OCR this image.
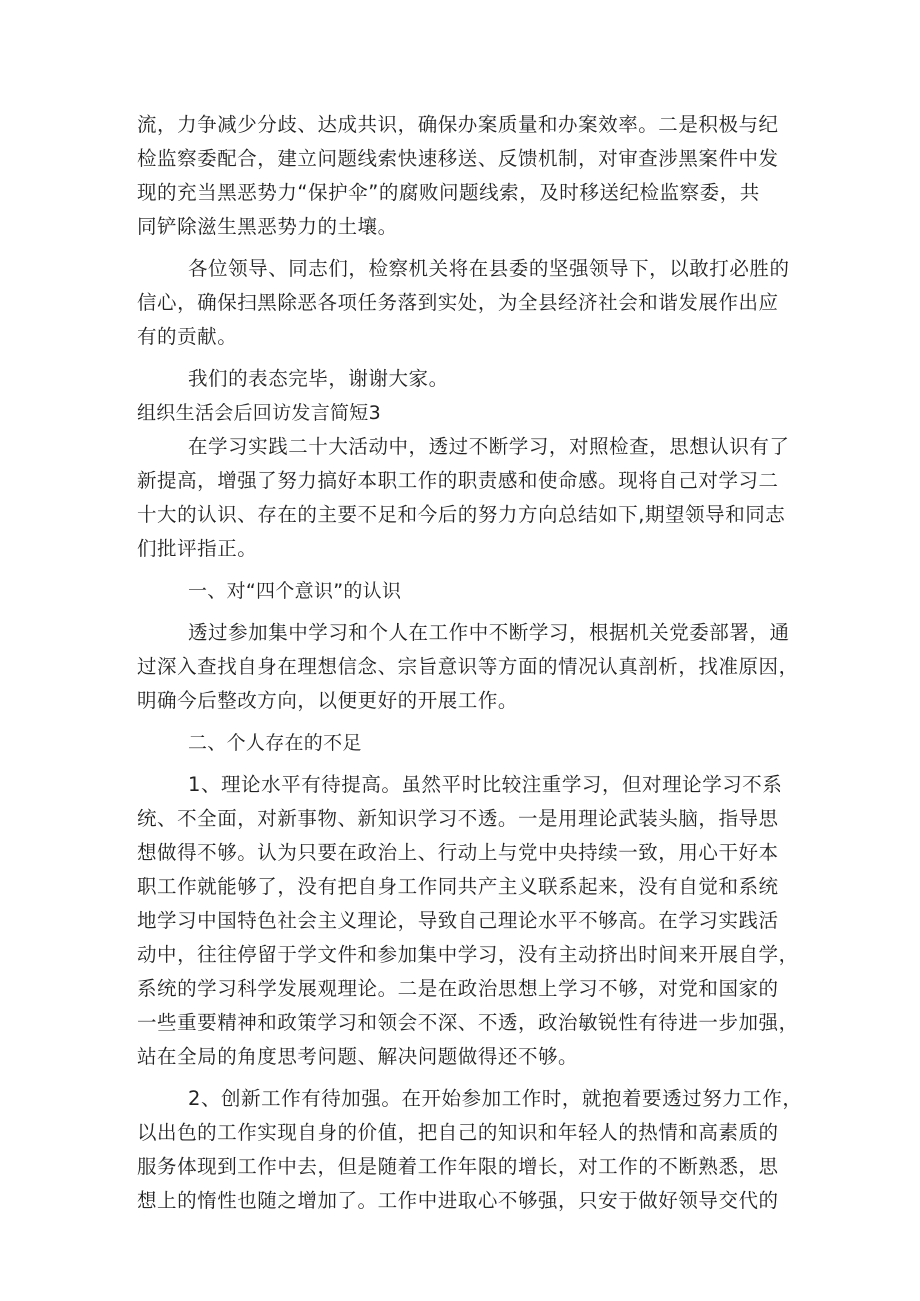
流，力争减少分歧、达成共识，确保办案质量和办案效率。二是积极与纪
检监察委配合，建立问题线索快速移送、反馈机制，对审查涉黑案件中发
现的充当黑恶势力“保护伞”的腐败问题线索，及时移送纪检监察委，共
同铲除滋生黑恶势力的土壤。
各位领导、同志们，检察机关将在县委的坚强领导下，以敢打必胜的
信心，确保扫黑除恶各项任务落到实处，为全县经济社会和谐发展作出应
有的贡献。
我们的表态完毕，谢谢大家。
组织生活会后回访发言简短3
在学习实践二十大活动中，透过不断学习，对照检查，思想认识有了
新提高，增强了努力搞好本职工作的职责感和使命感。现将自己对学习二
十大的认识、存在的主要不足和今后的努力方向总结如下,期望领导和同志
们批评指正。
一、对“四个意识”的认识
透过参加集中学习和个人在工作中不断学习，根据机关党委部署，通
过深入查找自身在理想信念、宗旨意识等方面的情况认真剖析，找准原因，
明确今后整改方向，以便更好的开展工作。
二、个人存在的不足
1、理论水平有待提高。虽然平时比较注重学习，但对理论学习不系
统、不全面，对新事物、新知识学习不透。一是用理论武装头脑，指导思
想做得不够。认为只要在政治上、行动上与党中央持续一致，用心干好本
职工作就能够了，没有把自身工作同共产主义联系起来，没有自觉和系统
地学习中国特色社会主义理论，导致自己理论水平不够高。在学习实践活
动中，往往停留于学文件和参加集中学习，没有主动挤出时间来开展自学，
系统的学习科学发展观理论。二是在政治思想上学习不够，对党和国家的
一些重要精神和政策学习和领会不深、不透，政治敏锐性有待进一步加强，
站在全局的角度思考问题、解决问题做得还不够。
2、创新工作有待加强。在开始参加工作时，就抱着要透过努力工作，
以出色的工作实现自身的价值，把自己的知识和年轻人的热情和高素质的
服务体现到工作中去，但是随着工作年限的增长，对工作的不断熟悉，思
想上的惰性也随之增加了。工作中进取心不够强，只安于做好领导交代的
